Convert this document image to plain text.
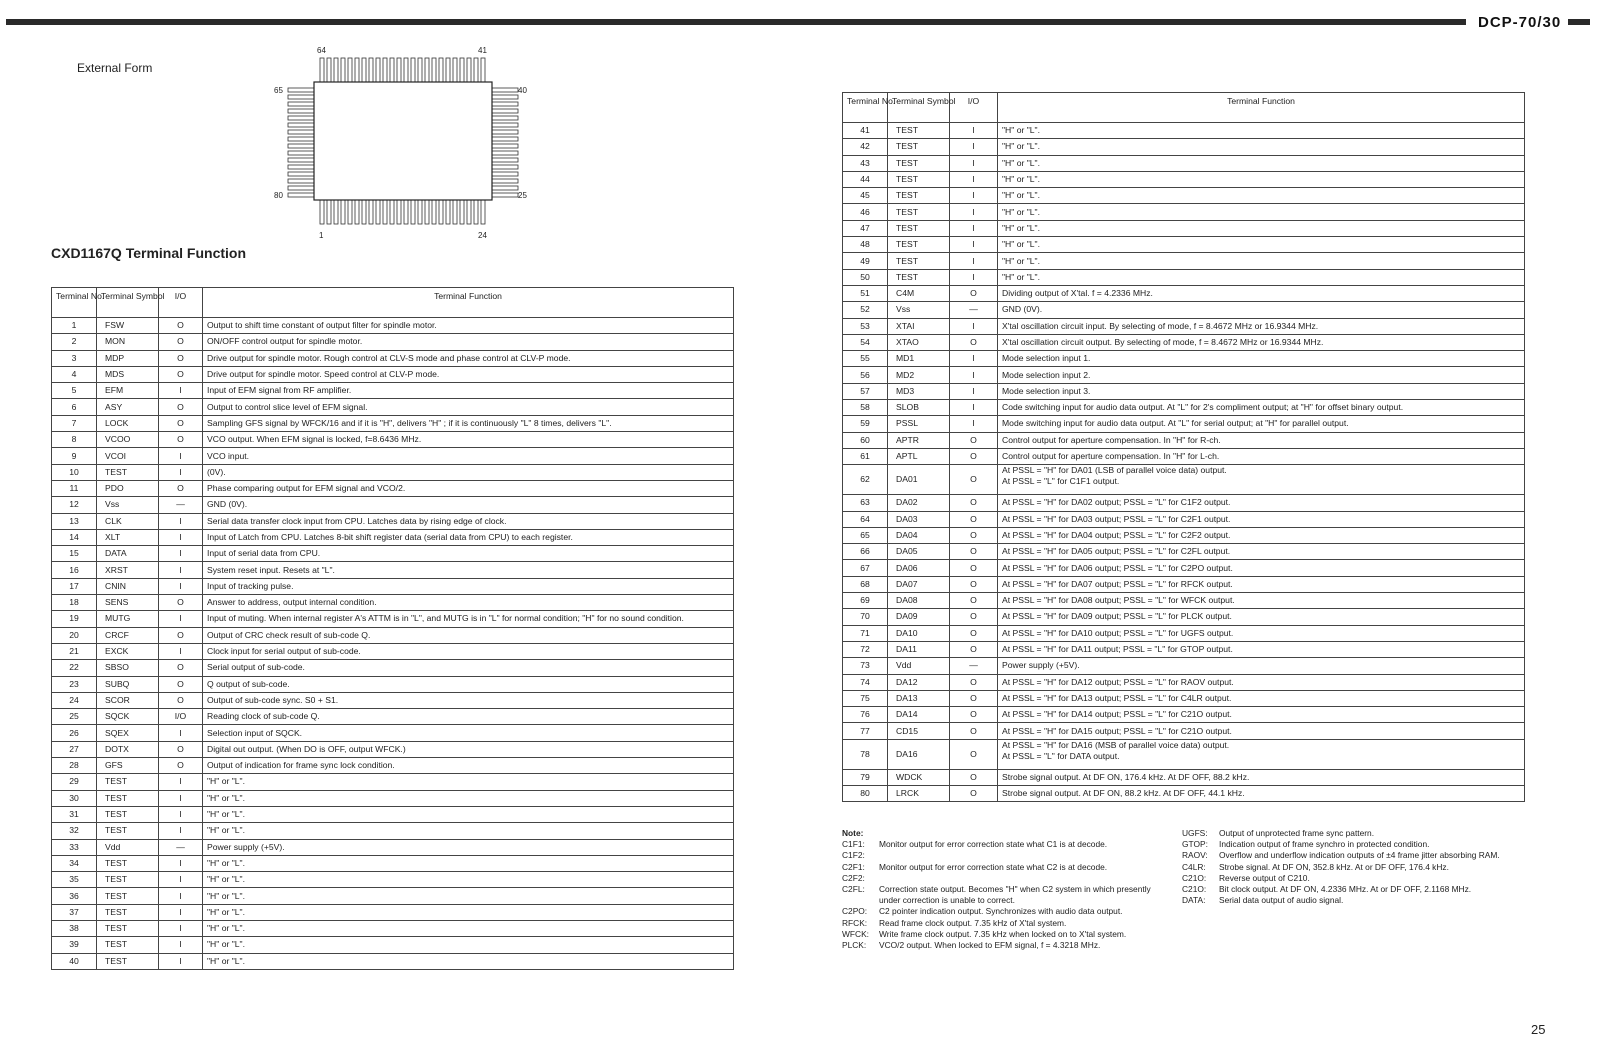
DCP-70/30
External Form
64	41
65
80
40
25
1	24
CXD1167Q Terminal Function
Terminal No.	Terminal Symbol	I/O	Terminal Function
1	FSW	O	Output to shift time constant of output filter for spindle motor.
2	MON	O	ON/OFF control output for spindle motor.
3	MDP	O	Drive output for spindle motor. Rough control at CLV-S mode and phase control at CLV-P mode.
4	MDS	O	Drive output for spindle motor. Speed control at CLV-P mode.
5	EFM	I	Input of EFM signal from RF amplifier.
6	ASY	O	Output to control slice level of EFM signal.
7	LOCK	O	Sampling GFS signal by WFCK/16 and if it is "H", delivers "H" ; if it is continuously "L" 8 times, delivers "L".
8	VCOO	O	VCO output. When EFM signal is locked, f=8.6436 MHz.
9	VCOI	I	VCO input.
10	TEST	I	(0V).
11	PDO	O	Phase comparing output for EFM signal and VCO/2.
12	Vss	—	GND (0V).
13	CLK	I	Serial data transfer clock input from CPU. Latches data by rising edge of clock.
14	XLT	I	Input of Latch from CPU. Latches 8-bit shift register data (serial data from CPU) to each register.
15	DATA	I	Input of serial data from CPU.
16	XRST	I	System reset input. Resets at "L".
17	CNIN	I	Input of tracking pulse.
18	SENS	O	Answer to address, output internal condition.
19	MUTG	I	Input of muting. When internal register A's ATTM is in "L", and MUTG is in "L" for normal condition; "H" for no sound condition.
20	CRCF	O	Output of CRC check result of sub-code Q.
21	EXCK	I	Clock input for serial output of sub-code.
22	SBSO	O	Serial output of sub-code.
23	SUBQ	O	Q output of sub-code.
24	SCOR	O	Output of sub-code sync. S0 + S1.
25	SQCK	I/O	Reading clock of sub-code Q.
26	SQEX	I	Selection input of SQCK.
27	DOTX	O	Digital out output. (When DO is OFF, output WFCK.)
28	GFS	O	Output of indication for frame sync lock condition.
29	TEST	I	"H" or "L".
30	TEST	I	"H" or "L".
31	TEST	I	"H" or "L".
32	TEST	I	"H" or "L".
33	Vdd	—	Power supply (+5V).
34	TEST	I	"H" or "L".
35	TEST	I	"H" or "L".
36	TEST	I	"H" or "L".
37	TEST	I	"H" or "L".
38	TEST	I	"H" or "L".
39	TEST	I	"H" or "L".
40	TEST	I	"H" or "L".
Terminal No.	Terminal Symbol	I/O	Terminal Function
41	TEST	I	"H" or "L".
42	TEST	I	"H" or "L".
43	TEST	I	"H" or "L".
44	TEST	I	"H" or "L".
45	TEST	I	"H" or "L".
46	TEST	I	"H" or "L".
47	TEST	I	"H" or "L".
48	TEST	I	"H" or "L".
49	TEST	I	"H" or "L".
50	TEST	I	"H" or "L".
51	C4M	O	Dividing output of X'tal. f = 4.2336 MHz.
52	Vss	—	GND (0V).
53	XTAI	I	X'tal oscillation circuit input. By selecting of mode, f = 8.4672 MHz or 16.9344 MHz.
54	XTAO	O	X'tal oscillation circuit output. By selecting of mode, f = 8.4672 MHz or 16.9344 MHz.
55	MD1	I	Mode selection input 1.
56	MD2	I	Mode selection input 2.
57	MD3	I	Mode selection input 3.
58	SLOB	I	Code switching input for audio data output. At "L" for 2's compliment output; at "H" for offset binary output.
59	PSSL	I	Mode switching input for audio data output. At "L" for serial output; at "H" for parallel output.
60	APTR	O	Control output for aperture compensation. In "H" for R-ch.
61	APTL	O	Control output for aperture compensation. In "H" for L-ch.
62	DA01	O	At PSSL = "H" for DA01 (LSB of parallel voice data) output.
At PSSL = "L" for C1F1 output.
63	DA02	O	At PSSL = "H" for DA02 output; PSSL = "L" for C1F2 output.
64	DA03	O	At PSSL = "H" for DA03 output; PSSL = "L" for C2F1 output.
65	DA04	O	At PSSL = "H" for DA04 output; PSSL = "L" for C2F2 output.
66	DA05	O	At PSSL = "H" for DA05 output; PSSL = "L" for C2FL output.
67	DA06	O	At PSSL = "H" for DA06 output; PSSL = "L" for C2PO output.
68	DA07	O	At PSSL = "H" for DA07 output; PSSL = "L" for RFCK output.
69	DA08	O	At PSSL = "H" for DA08 output; PSSL = "L" for WFCK output.
70	DA09	O	At PSSL = "H" for DA09 output; PSSL = "L" for PLCK output.
71	DA10	O	At PSSL = "H" for DA10 output; PSSL = "L" for UGFS output.
72	DA11	O	At PSSL = "H" for DA11 output; PSSL = "L" for GTOP output.
73	Vdd	—	Power supply (+5V).
74	DA12	O	At PSSL = "H" for DA12 output; PSSL = "L" for RAOV output.
75	DA13	O	At PSSL = "H" for DA13 output; PSSL = "L" for C4LR output.
76	DA14	O	At PSSL = "H" for DA14 output; PSSL = "L" for C21O output.
77	CD15	O	At PSSL = "H" for DA15 output; PSSL = "L" for C21O output.
78	DA16	O	At PSSL = "H" for DA16 (MSB of parallel voice data) output.
At PSSL = "L" for DATA output.
79	WDCK	O	Strobe signal output. At DF ON, 176.4 kHz. At DF OFF, 88.2 kHz.
80	LRCK	O	Strobe signal output. At DF ON, 88.2 kHz. At DF OFF, 44.1 kHz.
Note:
C1F1: Monitor output for error correction state what C1 is at decode.
C1F2:
C2F1: Monitor output for error correction state what C2 is at decode.
C2F2:
C2FL: Correction state output. Becomes "H" when C2 system in which presently under correction is unable to correct.
C2PO: C2 pointer indication output. Synchronizes with audio data output.
RFCK: Read frame clock output. 7.35 kHz of X'tal system.
WFCK: Write frame clock output. 7.35 kHz when locked on to X'tal system.
PLCK: VCO/2 output. When locked to EFM signal, f = 4.3218 MHz.
UGFS: Output of unprotected frame sync pattern.
GTOP: Indication output of frame synchro in protected condition.
RAOV: Overflow and underflow indication outputs of ±4 frame jitter absorbing RAM.
C4LR: Strobe signal. At DF ON, 352.8 kHz. At or DF OFF, 176.4 kHz.
C21O: Reverse output of C210.
C21O: Bit clock output. At DF ON, 4.2336 MHz. At or DF OFF, 2.1168 MHz.
DATA: Serial data output of audio signal.
25
